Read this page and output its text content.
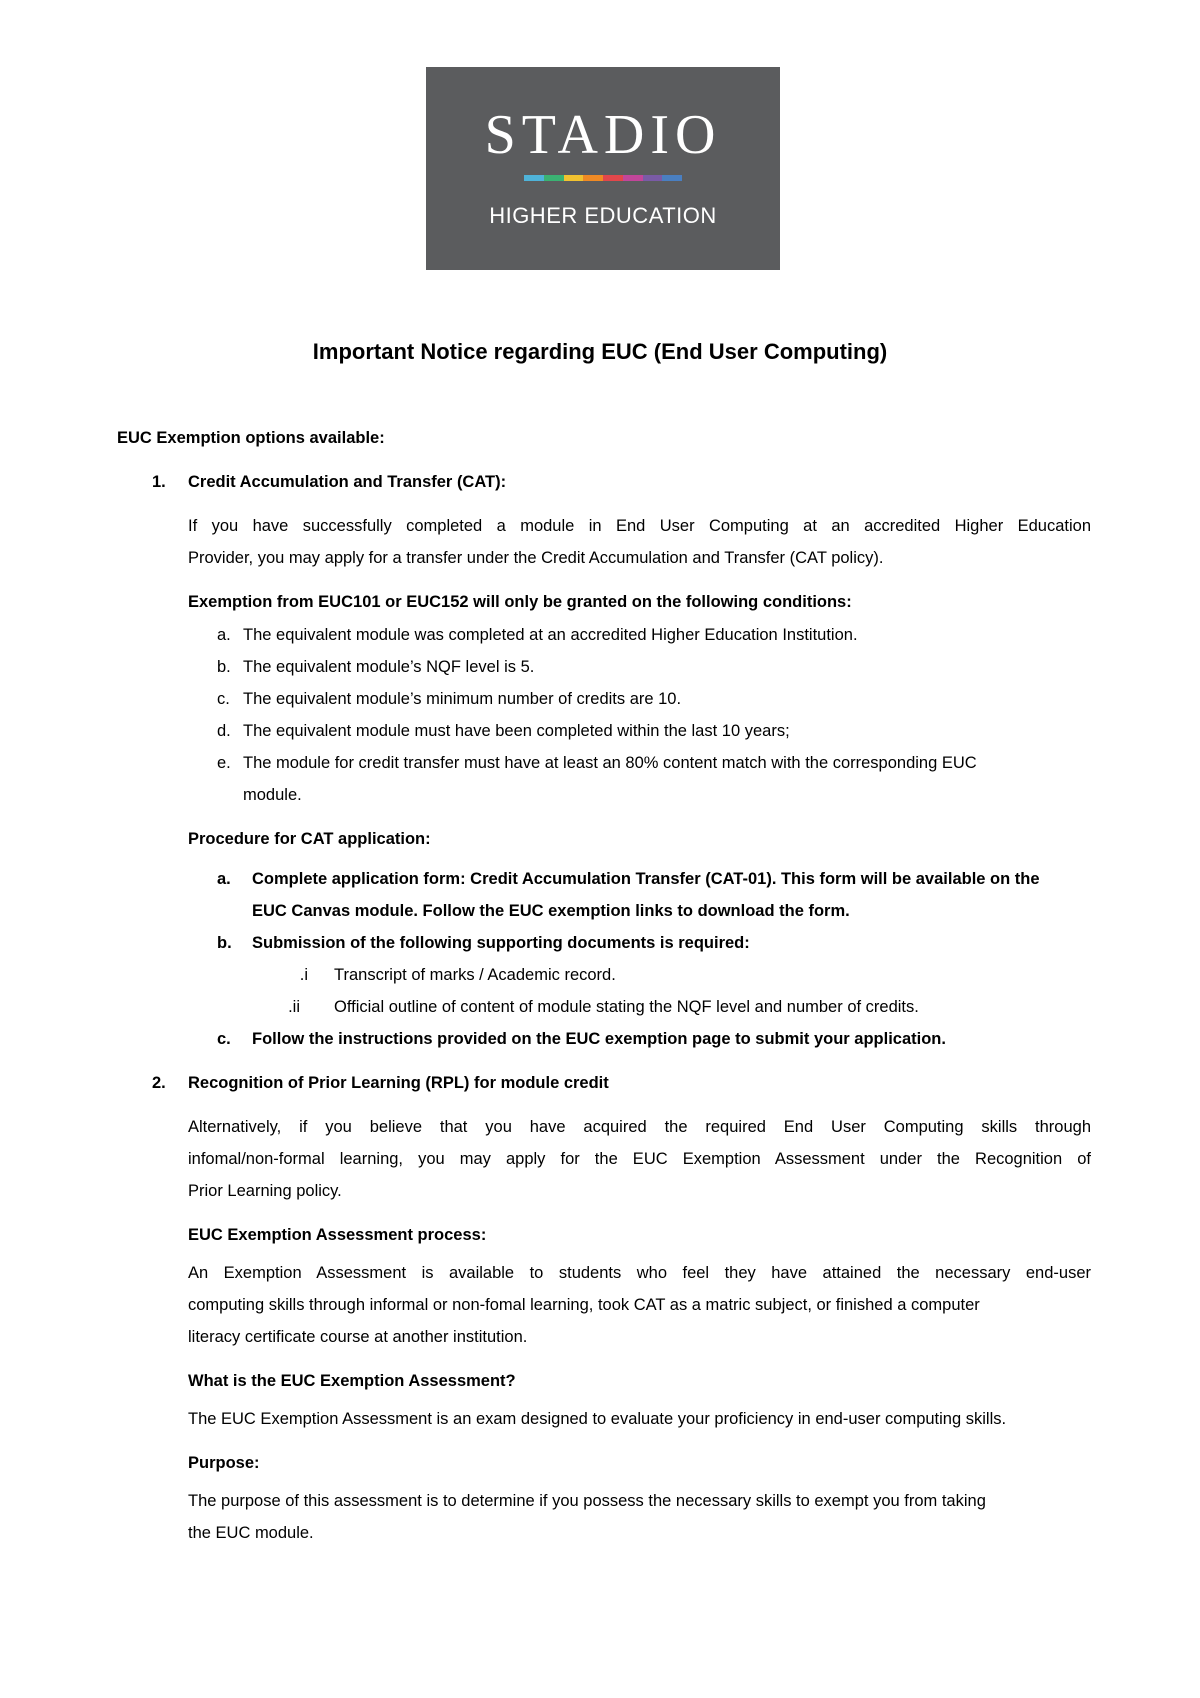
STADIO
HIGHER EDUCATION
Important Notice regarding EUC (End User Computing)
EUC Exemption options available:
1. Credit Accumulation and Transfer (CAT):
If you have successfully completed a module in End User Computing at an accredited Higher Education
Provider, you may apply for a transfer under the Credit Accumulation and Transfer (CAT policy).
Exemption from EUC101 or EUC152 will only be granted on the following conditions:
a. The equivalent module was completed at an accredited Higher Education Institution.
b. The equivalent module’s NQF level is 5.
c. The equivalent module’s minimum number of credits are 10.
d. The equivalent module must have been completed within the last 10 years;
e. The module for credit transfer must have at least an 80% content match with the corresponding EUC
module.
Procedure for CAT application:
a. Complete application form: Credit Accumulation Transfer (CAT-01). This form will be available on the
EUC Canvas module. Follow the EUC exemption links to download the form.
b. Submission of the following supporting documents is required:
i. Transcript of marks / Academic record.
ii. Official outline of content of module stating the NQF level and number of credits.
c. Follow the instructions provided on the EUC exemption page to submit your application.
2. Recognition of Prior Learning (RPL) for module credit
Alternatively, if you believe that you have acquired the required End User Computing skills through
infomal/non-formal learning, you may apply for the EUC Exemption Assessment under the Recognition of
Prior Learning policy.
EUC Exemption Assessment process:
An Exemption Assessment is available to students who feel they have attained the necessary end-user
computing skills through informal or non-fomal learning, took CAT as a matric subject, or finished a computer
literacy certificate course at another institution.
What is the EUC Exemption Assessment?
The EUC Exemption Assessment is an exam designed to evaluate your proficiency in end-user computing skills.
Purpose:
The purpose of this assessment is to determine if you possess the necessary skills to exempt you from taking
the EUC module.
